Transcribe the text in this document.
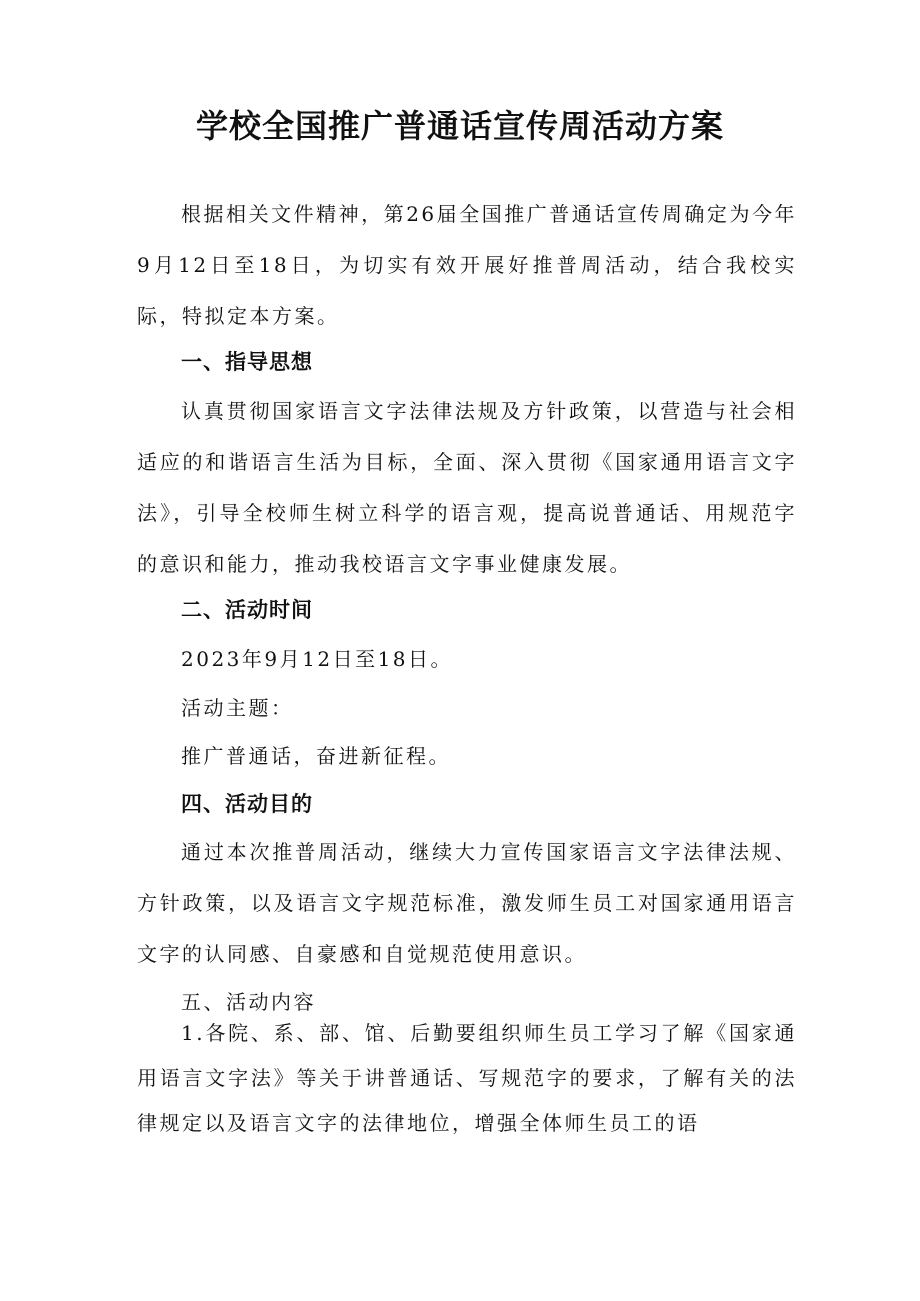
学校全国推广普通话宣传周活动方案
根据相关文件精神，第26届全国推广普通话宣传周确定为今年9月12日至18日，为切实有效开展好推普周活动，结合我校实际，特拟定本方案。
一、指导思想
认真贯彻国家语言文字法律法规及方针政策，以营造与社会相适应的和谐语言生活为目标，全面、深入贯彻《国家通用语言文字法》，引导全校师生树立科学的语言观，提高说普通话、用规范字的意识和能力，推动我校语言文字事业健康发展。
二、活动时间
2023年9月12日至18日。
活动主题：
推广普通话，奋进新征程。
四、活动目的
通过本次推普周活动，继续大力宣传国家语言文字法律法规、方针政策，以及语言文字规范标准，激发师生员工对国家通用语言文字的认同感、自豪感和自觉规范使用意识。
五、活动内容
1.各院、系、部、馆、后勤要组织师生员工学习了解《国家通用语言文字法》等关于讲普通话、写规范字的要求，了解有关的法律规定以及语言文字的法律地位，增强全体师生员工的语
